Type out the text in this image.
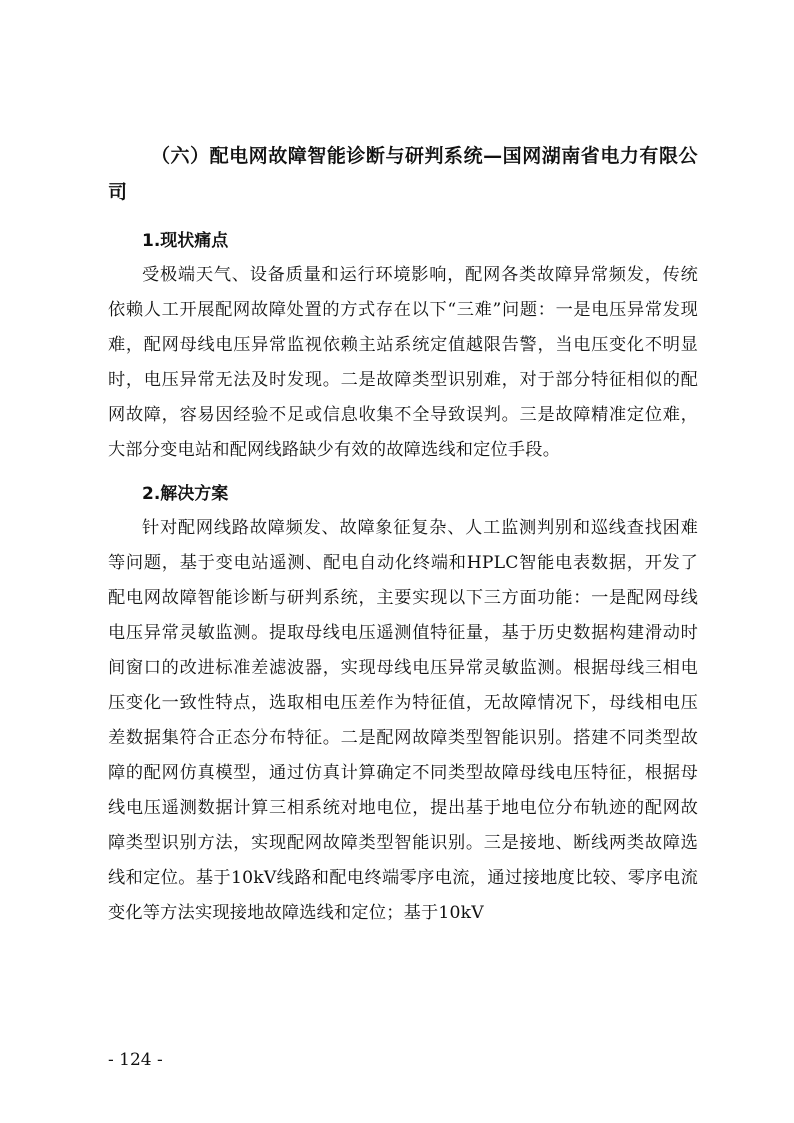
（六）配电网故障智能诊断与研判系统—国网湖南省电力有限公司

1.现状痛点

受极端天气、设备质量和运行环境影响，配网各类故障异常频发，传统依赖人工开展配网故障处置的方式存在以下“三难”问题：一是电压异常发现难，配网母线电压异常监视依赖主站系统定值越限告警，当电压变化不明显时，电压异常无法及时发现。二是故障类型识别难，对于部分特征相似的配网故障，容易因经验不足或信息收集不全导致误判。三是故障精准定位难，大部分变电站和配网线路缺少有效的故障选线和定位手段。

2.解决方案

针对配网线路故障频发、故障象征复杂、人工监测判别和巡线查找困难等问题，基于变电站遥测、配电自动化终端和HPLC智能电表数据，开发了配电网故障智能诊断与研判系统，主要实现以下三方面功能：一是配网母线电压异常灵敏监测。提取母线电压遥测值特征量，基于历史数据构建滑动时间窗口的改进标准差滤波器，实现母线电压异常灵敏监测。根据母线三相电压变化一致性特点，选取相电压差作为特征值，无故障情况下，母线相电压差数据集符合正态分布特征。二是配网故障类型智能识别。搭建不同类型故障的配网仿真模型，通过仿真计算确定不同类型故障母线电压特征，根据母线电压遥测数据计算三相系统对地电位，提出基于地电位分布轨迹的配网故障类型识别方法，实现配网故障类型智能识别。三是接地、断线两类故障选线和定位。基于10kV线路和配电终端零序电流，通过接地度比较、零序电流变化等方法实现接地故障选线和定位；基于10kV

- 124 -
